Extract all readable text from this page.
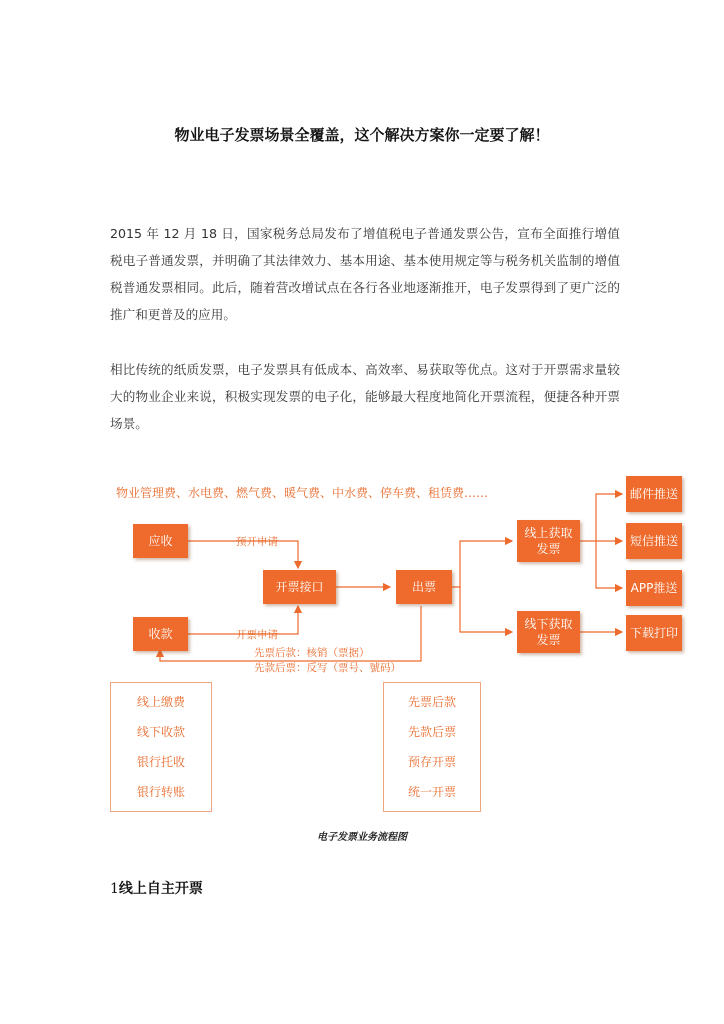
物业电子发票场景全覆盖，这个解决方案你一定要了解！

2015 年 12 月 18 日，国家税务总局发布了增值税电子普通发票公告，宣布全面推行增值税电子普通发票，并明确了其法律效力、基本用途、基本使用规定等与税务机关监制的增值税普通发票相同。此后，随着营改增试点在各行各业地逐渐推开，电子发票得到了更广泛的推广和更普及的应用。

相比传统的纸质发票，电子发票具有低成本、高效率、易获取等优点。这对于开票需求量较大的物业企业来说，积极实现发票的电子化，能够最大程度地简化开票流程，便捷各种开票场景。

物业管理费、水电费、燃气费、暖气费、中水费、停车费、租赁费……
应收
收款
开票接口	出票
线上获取发票
线下获取发票
邮件推送
短信推送
APP推送
下载打印
预开申请
开票申请
先票后款：核销（票据）
先款后票：反写（票号、號码）
线上缴费
线下收款
银行托收
银行转账
先票后款
先款后票
预存开票
统一开票
电子发票业务流程图
1线上自主开票
